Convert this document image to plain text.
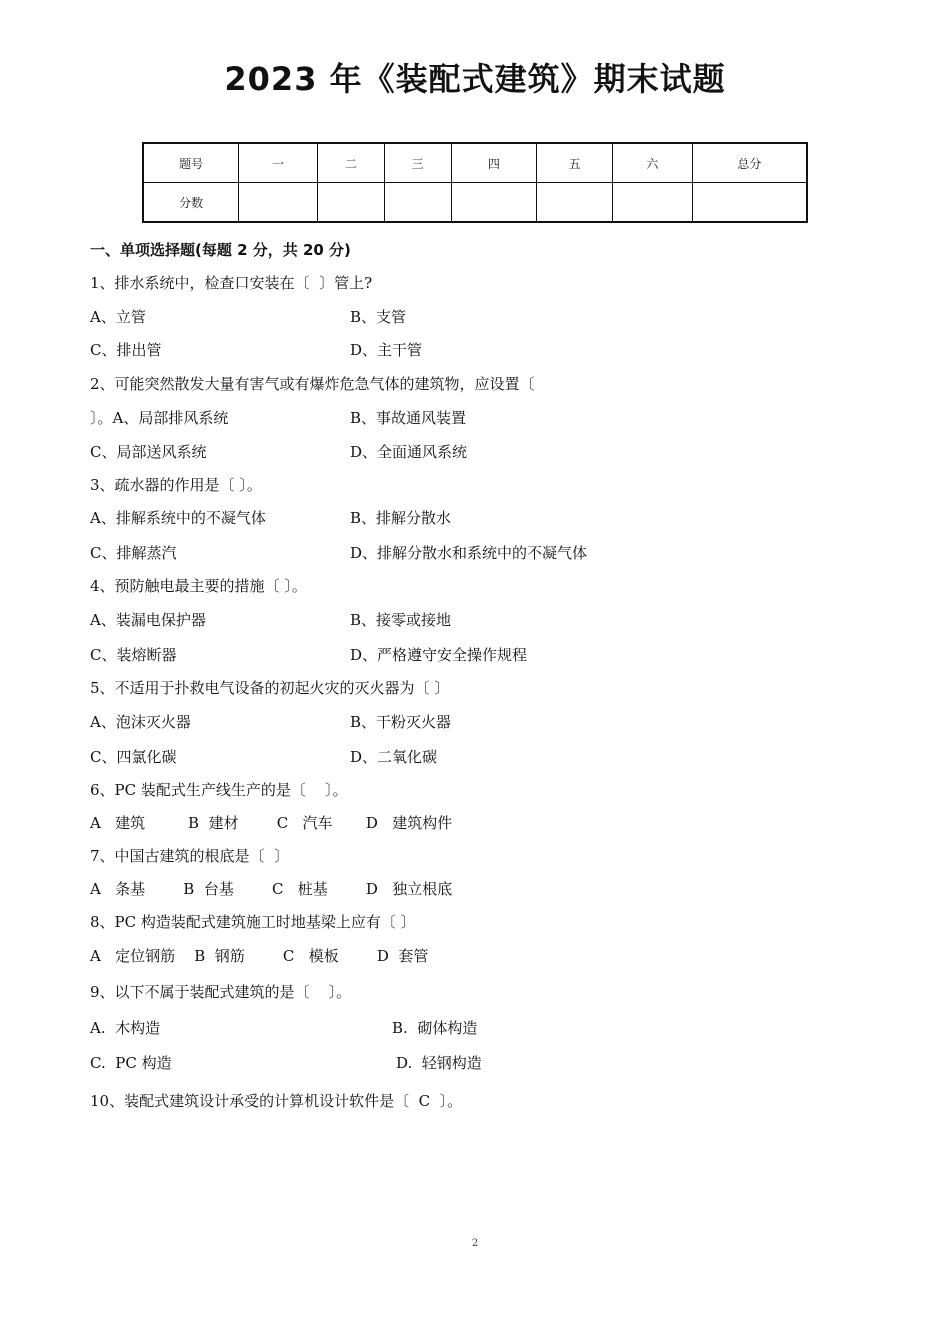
2023 年《装配式建筑》期末试题
题号	一	二	三	四	五	六	总分
分数							
一、单项选择题(每题 2 分，共 20 分)
1、排水系统中，检查口安装在〔  〕管上?
A、立管	B、支管
C、排出管	D、主干管
2、可能突然散发大量有害气或有爆炸危急气体的建筑物，应设置〔
〕。A、局部排风系统	B、事故通风装置
C、局部送风系统	D、全面通风系统
3、疏水器的作用是〔 〕。
A、排解系统中的不凝气体	B、排解分散水
C、排解蒸汽	D、排解分散水和系统中的不凝气体
4、预防触电最主要的措施〔 〕。
A、装漏电保护器	B、接零或接地
C、装熔断器	D、严格遵守安全操作规程
5、不适用于扑救电气设备的初起火灾的灭火器为〔 〕
A、泡沫灭火器	B、干粉灭火器
C、四氯化碳	D、二氧化碳
6、PC 装配式生产线生产的是〔    〕。
A   建筑         B  建材        C   汽车       D   建筑构件
7、中国古建筑的根底是〔  〕
A   条基        B  台基        C   桩基        D   独立根底
8、PC 构造装配式建筑施工时地基梁上应有〔 〕
A   定位钢筋    B  钢筋        C   模板        D  套管
9、以下不属于装配式建筑的是〔    〕。
A.  木构造	B.  砌体构造
C.  PC 构造	D.  轻钢构造
10、装配式建筑设计承受的计算机设计软件是〔  C  〕。
2
